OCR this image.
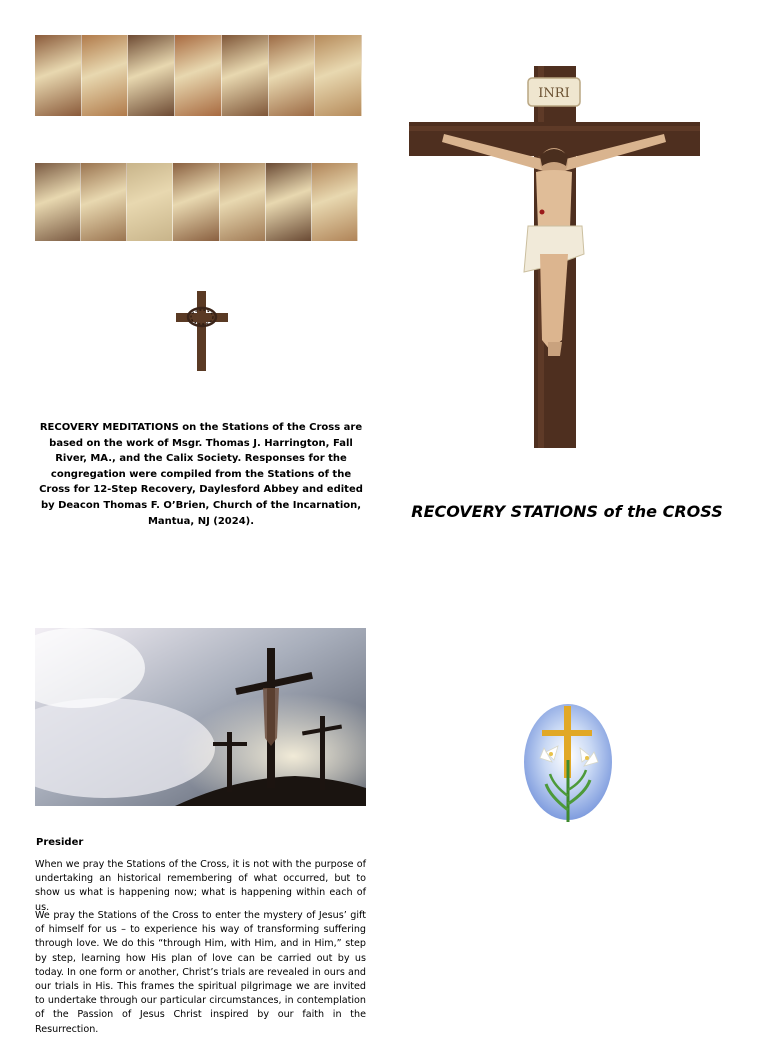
RECOVERY MEDITATIONS on the Stations of the Cross are based on the work of Msgr. Thomas J. Harrington, Fall River, MA., and the Calix Society. Responses for the congregation were compiled from the Stations of the Cross for 12-Step Recovery, Daylesford Abbey and edited by Deacon Thomas F. O’Brien, Church of the Incarnation, Mantua, NJ (2024).
INRI
RECOVERY STATIONS of the CROSS
Presider
When we pray the Stations of the Cross, it is not with the purpose of undertaking an historical remembering of what occurred, but to show us what is happening now; what is happening within each of us.
We pray the Stations of the Cross to enter the mystery of Jesus’ gift of himself for us – to experience his way of transforming suffering through love. We do this “through Him, with Him, and in Him,” step by step, learning how His plan of love can be carried out by us today. In one form or another, Christ’s trials are revealed in ours and our trials in His. This frames the spiritual pilgrimage we are invited to undertake through our particular circumstances, in contemplation of the Passion of Jesus Christ inspired by our faith in the Resurrection.
